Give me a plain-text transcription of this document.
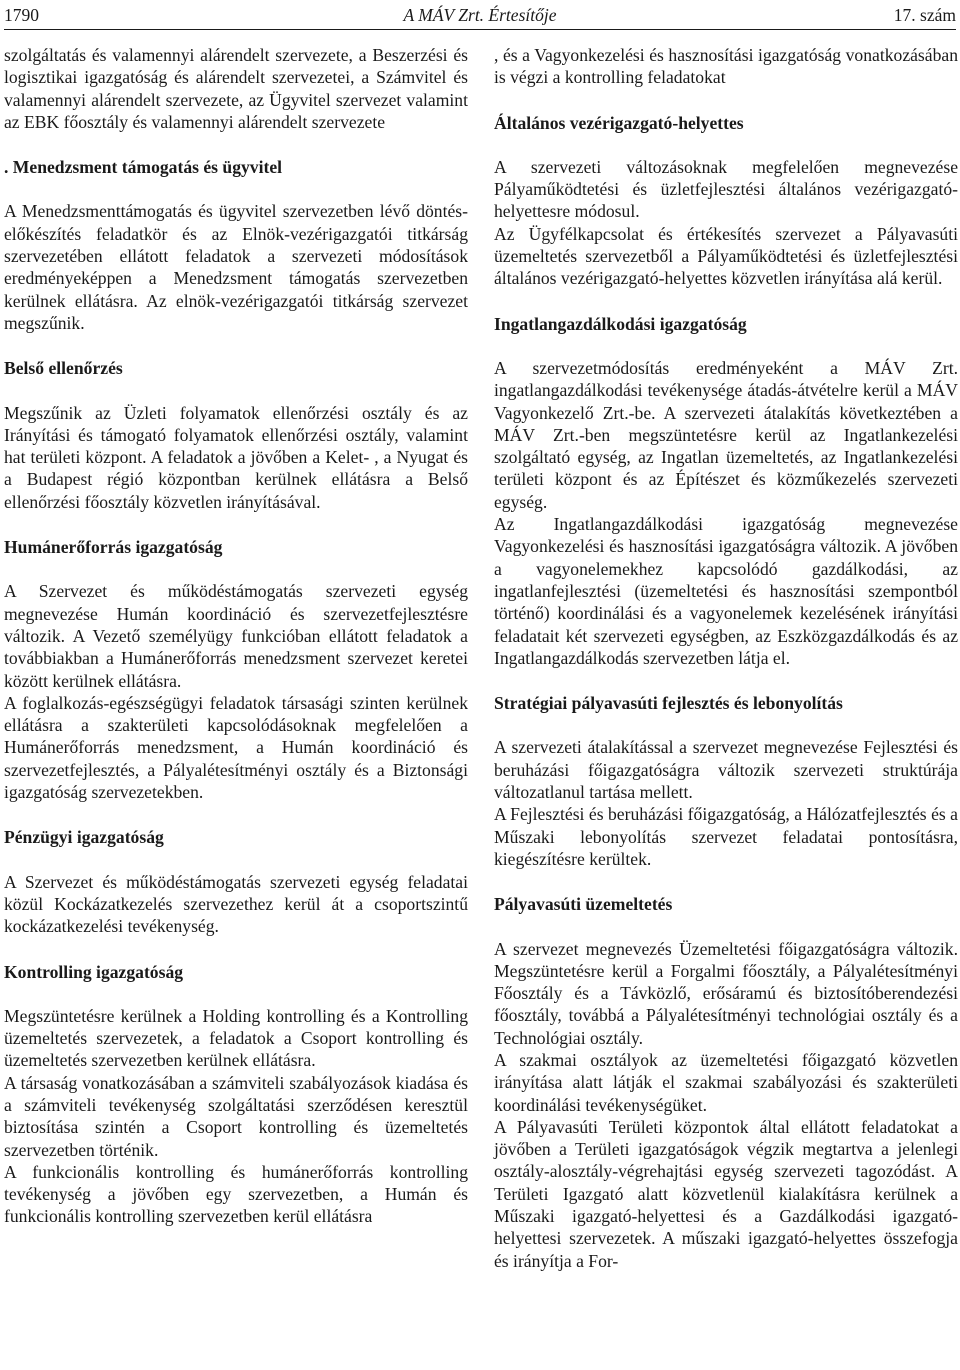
1790	A MÁV Zrt. Értesítője	17. szám

szolgáltatás és valamennyi alárendelt szervezete, a Beszerzési és logisztikai igazgatóság és alárendelt szervezetei, a Számvitel és valamennyi alárendelt szervezete, az Ügyvitel szervezet valamint az EBK főosztály és valamennyi alárendelt szervezete

. Menedzsment támogatás és ügyvitel

A Menedzsmenttámogatás és ügyvitel szervezetben lévő döntés-előkészítés feladatkör és az Elnök-vezérigazgatói titkárság szervezetében ellátott feladatok a szervezeti módosítások eredményeképpen a Menedzsment támogatás szervezetben kerülnek ellátásra. Az elnök-vezérigazgatói titkárság szervezet megszűnik.

Belső ellenőrzés

Megszűnik az Üzleti folyamatok ellenőrzési osztály és az Irányítási és támogató folyamatok ellenőrzési osztály, valamint hat területi központ. A feladatok a jövőben a Kelet- , a Nyugat és a Budapest régió központban kerülnek ellátásra a Belső ellenőrzési főosztály közvetlen irányításával.

Humánerőforrás igazgatóság

A Szervezet és működéstámogatás szervezeti egység megnevezése Humán koordináció és szervezetfejlesztésre változik. A Vezető személyügy funkcióban ellátott feladatok a továbbiakban a Humánerőforrás menedzsment szervezet keretei között kerülnek ellátásra.

A foglalkozás-egészségügyi feladatok társasági szinten kerülnek ellátásra a szakterületi kapcsolódásoknak megfelelően a Humánerőforrás menedzsment, a Humán koordináció és szervezetfejlesztés, a Pályalétesítményi osztály és a Biztonsági igazgatóság szervezetekben.

Pénzügyi igazgatóság

A Szervezet és működéstámogatás szervezeti egység feladatai közül Kockázatkezelés szervezethez kerül át a csoportszintű kockázatkezelési tevékenység.

Kontrolling igazgatóság

Megszüntetésre kerülnek a Holding kontrolling és a Kontrolling üzemeltetés szervezetek, a feladatok a Csoport kontrolling és üzemeltetés szervezetben kerülnek ellátásra.

A társaság vonatkozásában a számviteli szabályozások kiadása és a számviteli tevékenység szolgáltatási szerződésen keresztül biztosítása szintén a Csoport kontrolling és üzemeltetés szervezetben történik.

A funkcionális kontrolling és humánerőforrás kontrolling tevékenység a jövőben egy szervezetben, a Humán és funkcionális kontrolling szervezetben kerül ellátásra

, és a Vagyonkezelési és hasznosítási igazgatóság vonatkozásában is végzi a kontrolling feladatokat

Általános vezérigazgató-helyettes

A szervezeti változásoknak megfelelően megnevezése Pályaműködtetési és üzletfejlesztési általános vezérigazgató-helyettesre módosul.

Az Ügyfélkapcsolat és értékesítés szervezet a Pályavasúti üzemeltetés szervezetből a Pályaműködtetési és üzletfejlesztési általános vezérigazgató-helyettes közvetlen irányítása alá kerül.

Ingatlangazdálkodási igazgatóság

A szervezetmódosítás eredményeként a MÁV Zrt. ingatlangazdálkodási tevékenysége átadás-átvételre kerül a MÁV Vagyonkezelő Zrt.-be. A szervezeti átalakítás következtében a MÁV Zrt.-ben megszüntetésre kerül az Ingatlankezelési szolgáltató egység, az Ingatlan üzemeltetés, az Ingatlankezelési területi központ és az Építészet és közműkezelés szervezeti egység.

Az Ingatlangazdálkodási igazgatóság megnevezése Vagyonkezelési és hasznosítási igazgatóságra változik. A jövőben a vagyonelemekhez kapcsolódó gazdálkodási, az ingatlanfejlesztési (üzemeltetési és hasznosítási szempontból történő) koordinálási és a vagyonelemek kezelésének irányítási feladatait két szervezeti egységben, az Eszközgazdálkodás és az Ingatlangazdálkodás szervezetben látja el.

Stratégiai pályavasúti fejlesztés és lebonyolítás

A szervezeti átalakítással a szervezet megnevezése Fejlesztési és beruházási főigazgatóságra változik szervezeti struktúrája változatlanul tartása mellett.

A Fejlesztési és beruházási főigazgatóság, a Hálózatfejlesztés és a Műszaki lebonyolítás szervezet feladatai pontosításra, kiegészítésre kerültek.

Pályavasúti üzemeltetés

A szervezet megnevezés Üzemeltetési főigazgatóságra változik. Megszüntetésre kerül a Forgalmi főosztály, a Pályalétesítményi Főosztály és a Távközlő, erősáramú és biztosítóberendezési főosztály, továbbá a Pályalétesítményi technológiai osztály és a Technológiai osztály.

A szakmai osztályok az üzemeltetési főigazgató közvetlen irányítása alatt látják el szakmai szabályozási és szakterületi koordinálási tevékenységüket.

A Pályavasúti Területi központok által ellátott feladatokat a jövőben a Területi igazgatóságok végzik megtartva a jelenlegi osztály-alosztály-végrehajtási egység szervezeti tagozódást. A Területi Igazgató alatt közvetlenül kialakításra kerülnek a Műszaki igazgató-helyettesi és a Gazdálkodási igazgató-helyettesi szervezetek. A műszaki igazgató-helyettes összefogja és irányítja a For-
